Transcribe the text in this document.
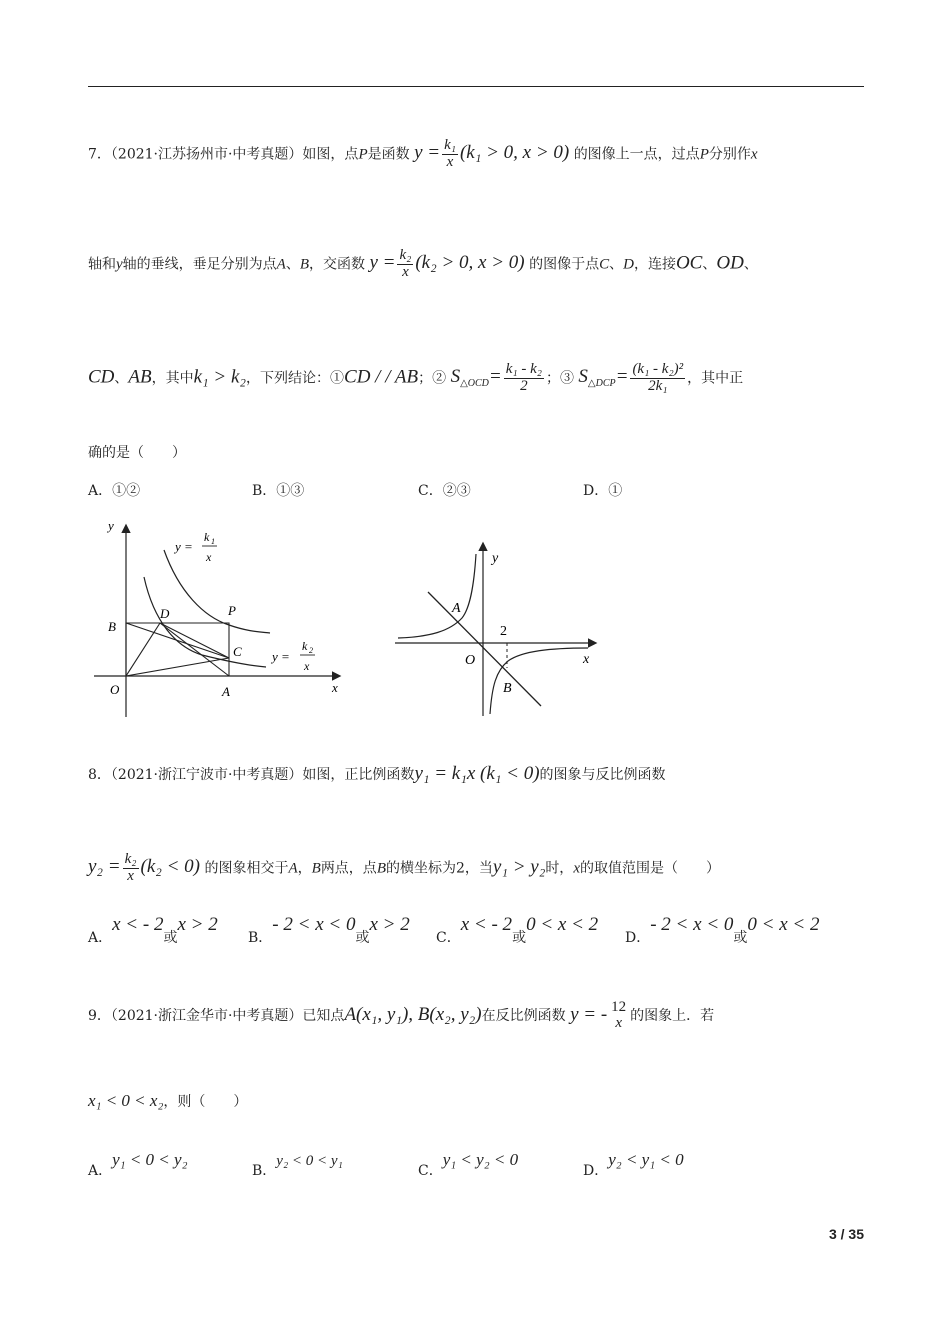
7．（2021·江苏扬州市·中考真题）如图，点P是函数 $y = \frac{\text{k₁}}{x} (k_1 > 0$, x > 0) 的图像上一点，过点P分别作x
轴和y轴的垂线，垂足分别为点A、B，交函数 $y = \frac{\text{k₂}}{x} (k_2 > 0$, x > 0) 的图像于点C、D，连接OC、OD、
CD、AB，其中k₁ > k₂，下列结论：①CD / / AB；② $S_{\triangle OCD}= \frac{\text{k₁ - k₂}}{2}$ ；③ $S_{\triangle DCP}= \frac{\text{(k₁ - k₂)²}}{\text{2k₁}}$ ，其中正
确的是（　　）
A．①②	B．①③	C．②③	D．①
y
x
O	A
B
C
D	P
y =
k 1
x
y =
k 2
x
y
x
O
A
B
2
8．（2021·浙江宁波市·中考真题）如图，正比例函数y₁ = k₁x (k₁ < 0)的图象与反比例函数
$y_2 = \frac{\text{k₂}}{x} (k_2 < 0)$ 的图象相交于A，B两点，点B的横坐标为2，当y₁ > y₂时，x的取值范围是（　　）
A．x < - 2或x > 2
B．- 2 < x < 0或x > 2
C．x < - 2或0 < x < 2
D．- 2 < x < 0或0 < x < 2
9．（2021·浙江金华市·中考真题）已知点A(x₁, y₁), B(x₂, y₂)在反比例函数 y = - 12
x 的图象上．若
x₁ < 0 < x₂，则（　　）
A．y₁ < 0 < y₂
B．y₂ < 0 < y₁
C．y₁ < y₂ < 0
D．y₂ < y₁ < 0
3 / 35
